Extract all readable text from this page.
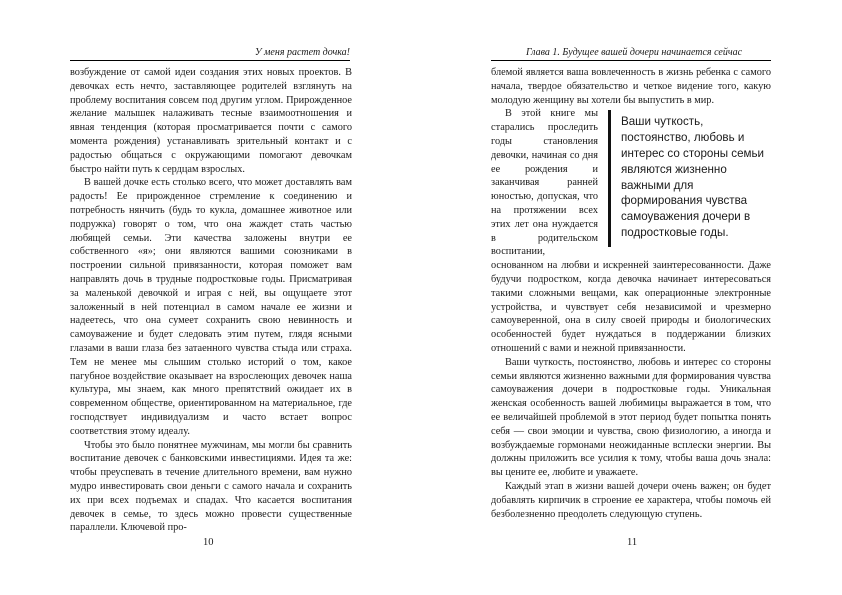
У меня растет дочка!

возбуждение от самой идеи создания этих новых проектов. В девочках есть нечто, заставляющее родителей взглянуть на проблему воспитания совсем под другим углом. Прирожденное желание малышек налаживать тесные взаимоотношения и явная тенденция (которая просматривается почти с самого момента рождения) устанавливать зрительный контакт и с радостью общаться с окружающими помогают девочкам быстро найти путь к сердцам взрослых.

В вашей дочке есть столько всего, что может доставлять вам радость! Ее прирожденное стремление к соединению и потребность нянчить (будь то кукла, домашнее животное или подружка) говорят о том, что она жаждет стать частью любящей семьи. Эти качества заложены внутри ее собственного «я»; они являются вашими союзниками в построении сильной привязанности, которая поможет вам направлять дочь в трудные подростковые годы. Присматривая за маленькой девочкой и играя с ней, вы ощущаете этот заложенный в ней потенциал в самом начале ее жизни и надеетесь, что она сумеет сохранить свою невинность и самоуважение и будет следовать этим путем, глядя ясными глазами в ваши глаза без затаенного чувства стыда или страха. Тем не менее мы слышим столько историй о том, какое пагубное воздействие оказывает на взрослеющих девочек наша культура, мы знаем, как много препятствий ожидает их в современном обществе, ориентированном на материальное, где господствует индивидуализм и часто встает вопрос соответствия этому идеалу.

Чтобы это было понятнее мужчинам, мы могли бы сравнить воспитание девочек с банковскими инвестициями. Идея та же: чтобы преуспевать в течение длительного времени, вам нужно мудро инвестировать свои деньги с самого начала и сохранить их при всех подъемах и спадах. Что касается воспитания девочек в семье, то здесь можно провести существенные параллели. Ключевой про-

10
Глава 1. Будущее вашей дочери начинается сейчас

блемой является ваша вовлеченность в жизнь ребенка с самого начала, твердое обязательство и четкое видение того, какую молодую женщину вы хотели бы выпустить в мир.

Ваши чуткость, постоянство, любовь и интерес со стороны семьи являются жизненно важными для формирования чувства самоуважения дочери в подростковые годы.

В этой книге мы старались проследить годы становления девочки, начиная со дня ее рождения и заканчивая ранней юностью, допуская, что на протяжении всех этих лет она нуждается в родительском воспитании, основанном на любви и искренней заинтересованности. Даже будучи подростком, когда девочка начинает интересоваться такими сложными вещами, как операционные электронные устройства, и чувствует себя независимой и чрезмерно самоуверенной, она в силу своей природы и биологических особенностей будет нуждаться в поддержании близких отношений с вами и нежной привязанности.

Ваши чуткость, постоянство, любовь и интерес со стороны семьи являются жизненно важными для формирования чувства самоуважения дочери в подростковые годы. Уникальная женская особенность вашей любимицы выражается в том, что ее величайшей проблемой в этот период будет попытка понять себя — свои эмоции и чувства, свою физиологию, а иногда и возбуждаемые гормонами неожиданные всплески энергии. Вы должны приложить все усилия к тому, чтобы ваша дочь знала: вы цените ее, любите и уважаете.

Каждый этап в жизни вашей дочери очень важен; он будет добавлять кирпичик в строение ее характера, чтобы помочь ей безболезненно преодолеть следующую ступень.

11
